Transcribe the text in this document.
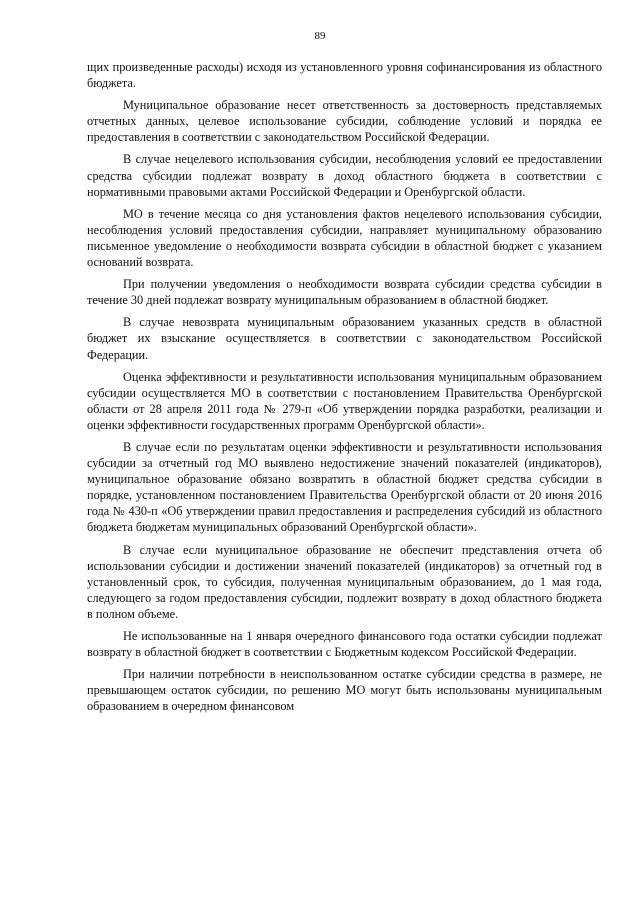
89

щих произведенные расходы) исходя из установленного уровня софинансирования из областного бюджета.

Муниципальное образование несет ответственность за достоверность представляемых отчетных данных, целевое использование субсидии, соблюдение условий и порядка ее предоставления в соответствии с законодательством Российской Федерации.

В случае нецелевого использования субсидии, несоблюдения условий ее предоставлении средства субсидии подлежат возврату в доход областного бюджета в соответствии с нормативными правовыми актами Российской Федерации и Оренбургской области.

МО в течение месяца со дня установления фактов нецелевого использования субсидии, несоблюдения условий предоставления субсидии, направляет муниципальному образованию письменное уведомление о необходимости возврата субсидии в областной бюджет с указанием оснований возврата.

При получении уведомления о необходимости возврата субсидии средства субсидии в течение 30 дней подлежат возврату муниципальным образованием в областной бюджет.

В случае невозврата муниципальным образованием указанных средств в областной бюджет их взыскание осуществляется в соответствии с законодательством Российской Федерации.

Оценка эффективности и результативности использования муниципальным образованием субсидии осуществляется МО в соответствии с постановлением Правительства Оренбургской области от 28 апреля 2011 года № 279-п «Об утверждении порядка разработки, реализации и оценки эффективности государственных программ Оренбургской области».

В случае если по результатам оценки эффективности и результативности использования субсидии за отчетный год МО выявлено недостижение значений показателей (индикаторов), муниципальное образование обязано возвратить в областной бюджет средства субсидии в порядке, установленном постановлением Правительства Оренбургской области от 20 июня 2016 года № 430-п «Об утверждении правил предоставления и распределения субсидий из областного бюджета бюджетам муниципальных образований Оренбургской области».

В случае если муниципальное образование не обеспечит представления отчета об использовании субсидии и достижении значений показателей (индикаторов) за отчетный год в установленный срок, то субсидия, полученная муниципальным образованием, до 1 мая года, следующего за годом предоставления субсидии, подлежит возврату в доход областного бюджета в полном объеме.

Не использованные на 1 января очередного финансового года остатки субсидии подлежат возврату в областной бюджет в соответствии с Бюджетным кодексом Российской Федерации.

При наличии потребности в неиспользованном остатке субсидии средства в размере, не превышающем остаток субсидии, по решению МО могут быть использованы муниципальным образованием в очередном финансовом
